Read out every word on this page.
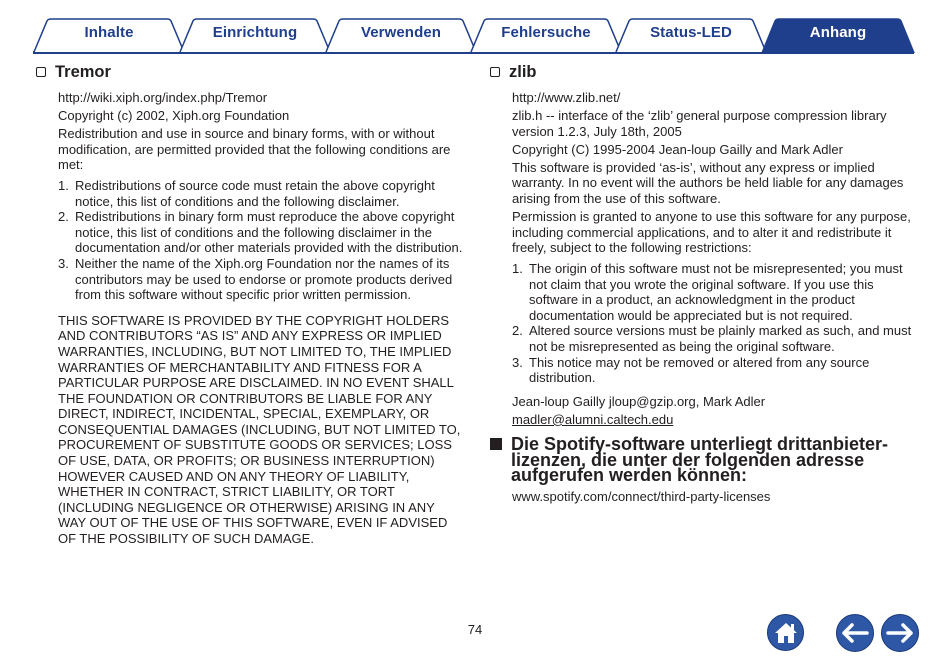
Inhalte	Einrichtung	Verwenden	Fehlersuche	Status-LED	Anhang
Tremor

http://wiki.xiph.org/index.php/Tremor

Copyright (c) 2002, Xiph.org Foundation

Redistribution and use in source and binary forms, with or without modification, are permitted provided that the following conditions are met:

1. Redistributions of source code must retain the above copyright notice, this list of conditions and the following disclaimer.
2. Redistributions in binary form must reproduce the above copyright notice, this list of conditions and the following disclaimer in the documentation and/or other materials provided with the distribution.
3. Neither the name of the Xiph.org Foundation nor the names of its contributors may be used to endorse or promote products derived from this software without specific prior written permission.

THIS SOFTWARE IS PROVIDED BY THE COPYRIGHT HOLDERS AND CONTRIBUTORS “AS IS” AND ANY EXPRESS OR IMPLIED WARRANTIES, INCLUDING, BUT NOT LIMITED TO, THE IMPLIED WARRANTIES OF MERCHANTABILITY AND FITNESS FOR A PARTICULAR PURPOSE ARE DISCLAIMED. IN NO EVENT SHALL THE FOUNDATION OR CONTRIBUTORS BE LIABLE FOR ANY DIRECT, INDIRECT, INCIDENTAL, SPECIAL, EXEMPLARY, OR CONSEQUENTIAL DAMAGES (INCLUDING, BUT NOT LIMITED TO, PROCUREMENT OF SUBSTITUTE GOODS OR SERVICES; LOSS OF USE, DATA, OR PROFITS; OR BUSINESS INTERRUPTION) HOWEVER CAUSED AND ON ANY THEORY OF LIABILITY, WHETHER IN CONTRACT, STRICT LIABILITY, OR TORT (INCLUDING NEGLIGENCE OR OTHERWISE) ARISING IN ANY WAY OUT OF THE USE OF THIS SOFTWARE, EVEN IF ADVISED OF THE POSSIBILITY OF SUCH DAMAGE.

zlib

http://www.zlib.net/

zlib.h -- interface of the ‘zlib’ general purpose compression library version 1.2.3, July 18th, 2005

Copyright (C) 1995-2004 Jean-loup Gailly and Mark Adler

This software is provided ‘as-is’, without any express or implied warranty. In no event will the authors be held liable for any damages arising from the use of this software.

Permission is granted to anyone to use this software for any purpose, including commercial applications, and to alter it and redistribute it freely, subject to the following restrictions:

1. The origin of this software must not be misrepresented; you must not claim that you wrote the original software. If you use this software in a product, an acknowledgment in the product documentation would be appreciated but is not required.
2. Altered source versions must be plainly marked as such, and must not be misrepresented as being the original software.
3. This notice may not be removed or altered from any source distribution.

Jean-loup Gailly jloup@gzip.org, Mark Adler

madler@alumni.caltech.edu

Die Spotify-software unterliegt drittanbieter-lizenzen, die unter der folgenden adresse aufgerufen werden können:

www.spotify.com/connect/third-party-licenses

74
